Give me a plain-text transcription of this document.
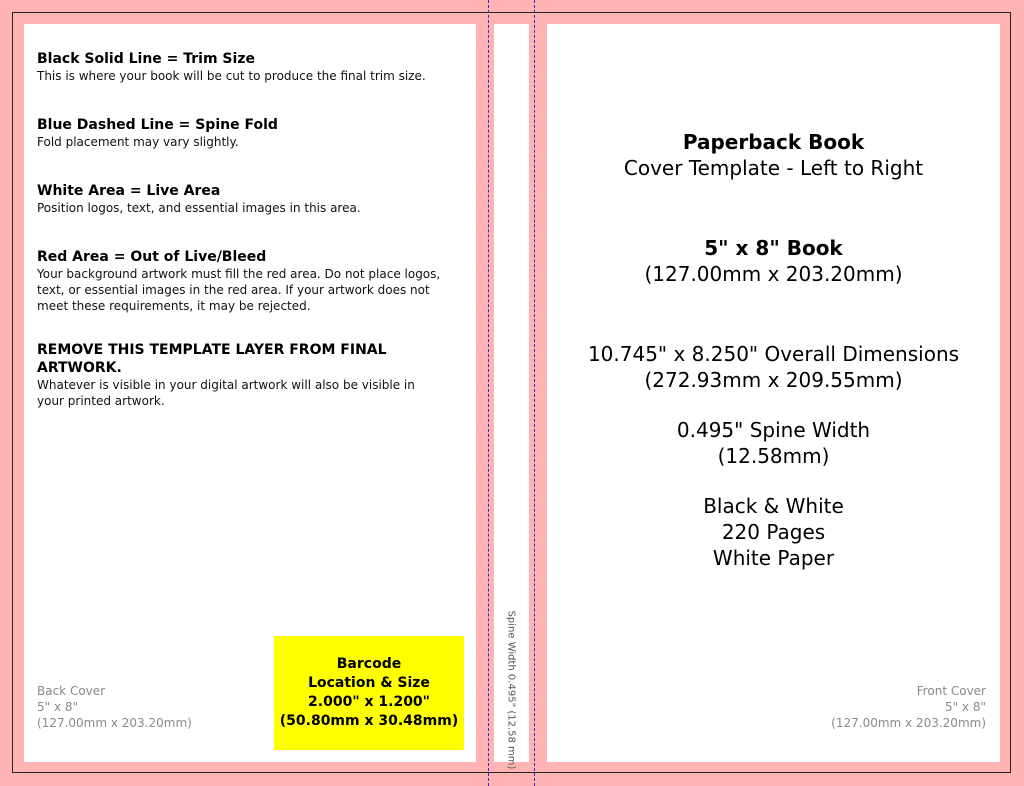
Black Solid Line = Trim Size
This is where your book will be cut to produce the final trim size.
Blue Dashed Line = Spine Fold
Fold placement may vary slightly.
White Area = Live Area
Position logos, text, and essential images in this area.
Red Area = Out of Live/Bleed
Your background artwork must fill the red area. Do not place logos, text, or essential images in the red area. If your artwork does not meet these requirements, it may be rejected.
REMOVE THIS TEMPLATE LAYER FROM FINAL ARTWORK.
Whatever is visible in your digital artwork will also be visible in your printed artwork.
Barcode
Location & Size
2.000" x 1.200"
(50.80mm x 30.48mm)
Back Cover
5" x 8"
(127.00mm x 203.20mm)	Spine Width 0.495" (12.58 mm)
Paperback Book
Cover Template - Left to Right
5" x 8" Book
(127.00mm x 203.20mm)
10.745" x 8.250" Overall Dimensions
(272.93mm x 209.55mm)
0.495" Spine Width
(12.58mm)
Black & White
220 Pages
White Paper
Front Cover
5" x 8"
(127.00mm x 203.20mm)
